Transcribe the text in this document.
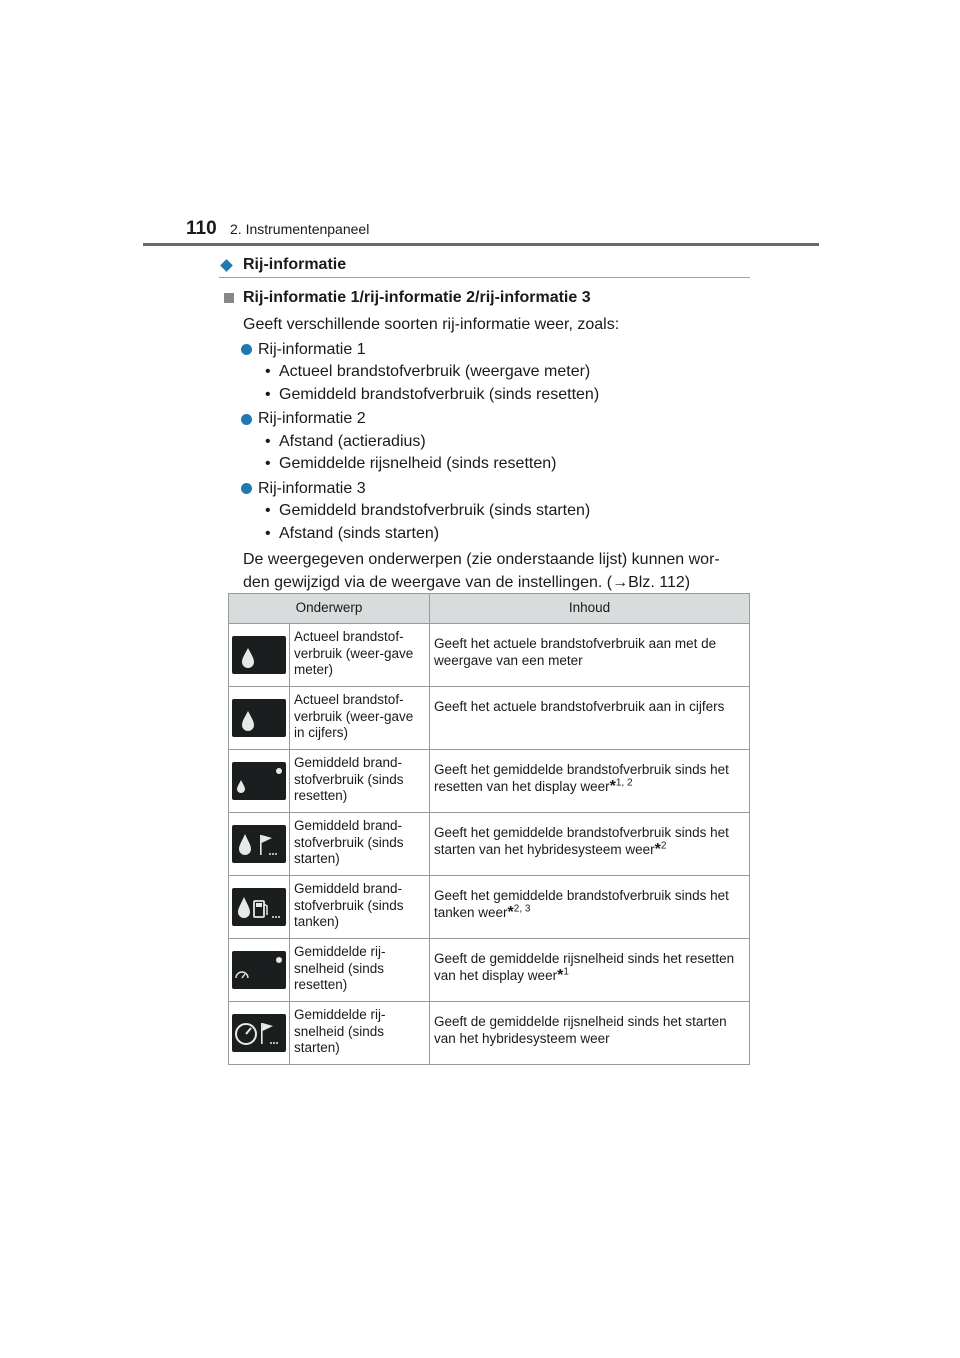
110 2. Instrumentenpaneel
Rij-informatie
Rij-informatie 1/rij-informatie 2/rij-informatie 3

Geeft verschillende soorten rij-informatie weer, zoals:

Rij-informatie 1
• Actueel brandstofverbruik (weergave meter)
• Gemiddeld brandstofverbruik (sinds resetten)
Rij-informatie 2
• Afstand (actieradius)
• Gemiddelde rijsnelheid (sinds resetten)
Rij-informatie 3
• Gemiddeld brandstofverbruik (sinds starten)
• Afstand (sinds starten)

De weergegeven onderwerpen (zie onderstaande lijst) kunnen wor-

den gewijzigd via de weergave van de instellingen. (→Blz. 112)

Onderwerp		Inhoud

	Actueel brandstof-verbruik (weer-gave meter)	Geeft het actuele brandstofverbruik aan met de weergave van een meter

	Actueel brandstof-verbruik (weer-gave in cijfers)	Geeft het actuele brandstofverbruik aan in cijfers

	Gemiddeld brand-stofverbruik (sinds resetten)	Geeft het gemiddelde brandstofverbruik sinds het resetten van het display weer*$^{1, 2}$

	Gemiddeld brand-stofverbruik (sinds starten)	Geeft het gemiddelde brandstofverbruik sinds het starten van het hybridesysteem weer*$^2$

	Gemiddeld brand-stofverbruik (sinds tanken)	Geeft het gemiddelde brandstofverbruik sinds het tanken weer*$^{2, 3}$

	Gemiddelde rij-snelheid (sinds resetten)	Geeft de gemiddelde rijsnelheid sinds het resetten van het display weer*$^1$

	Gemiddelde rij-snelheid (sinds starten)	Geeft de gemiddelde rijsnelheid sinds het starten van het hybridesysteem weer
